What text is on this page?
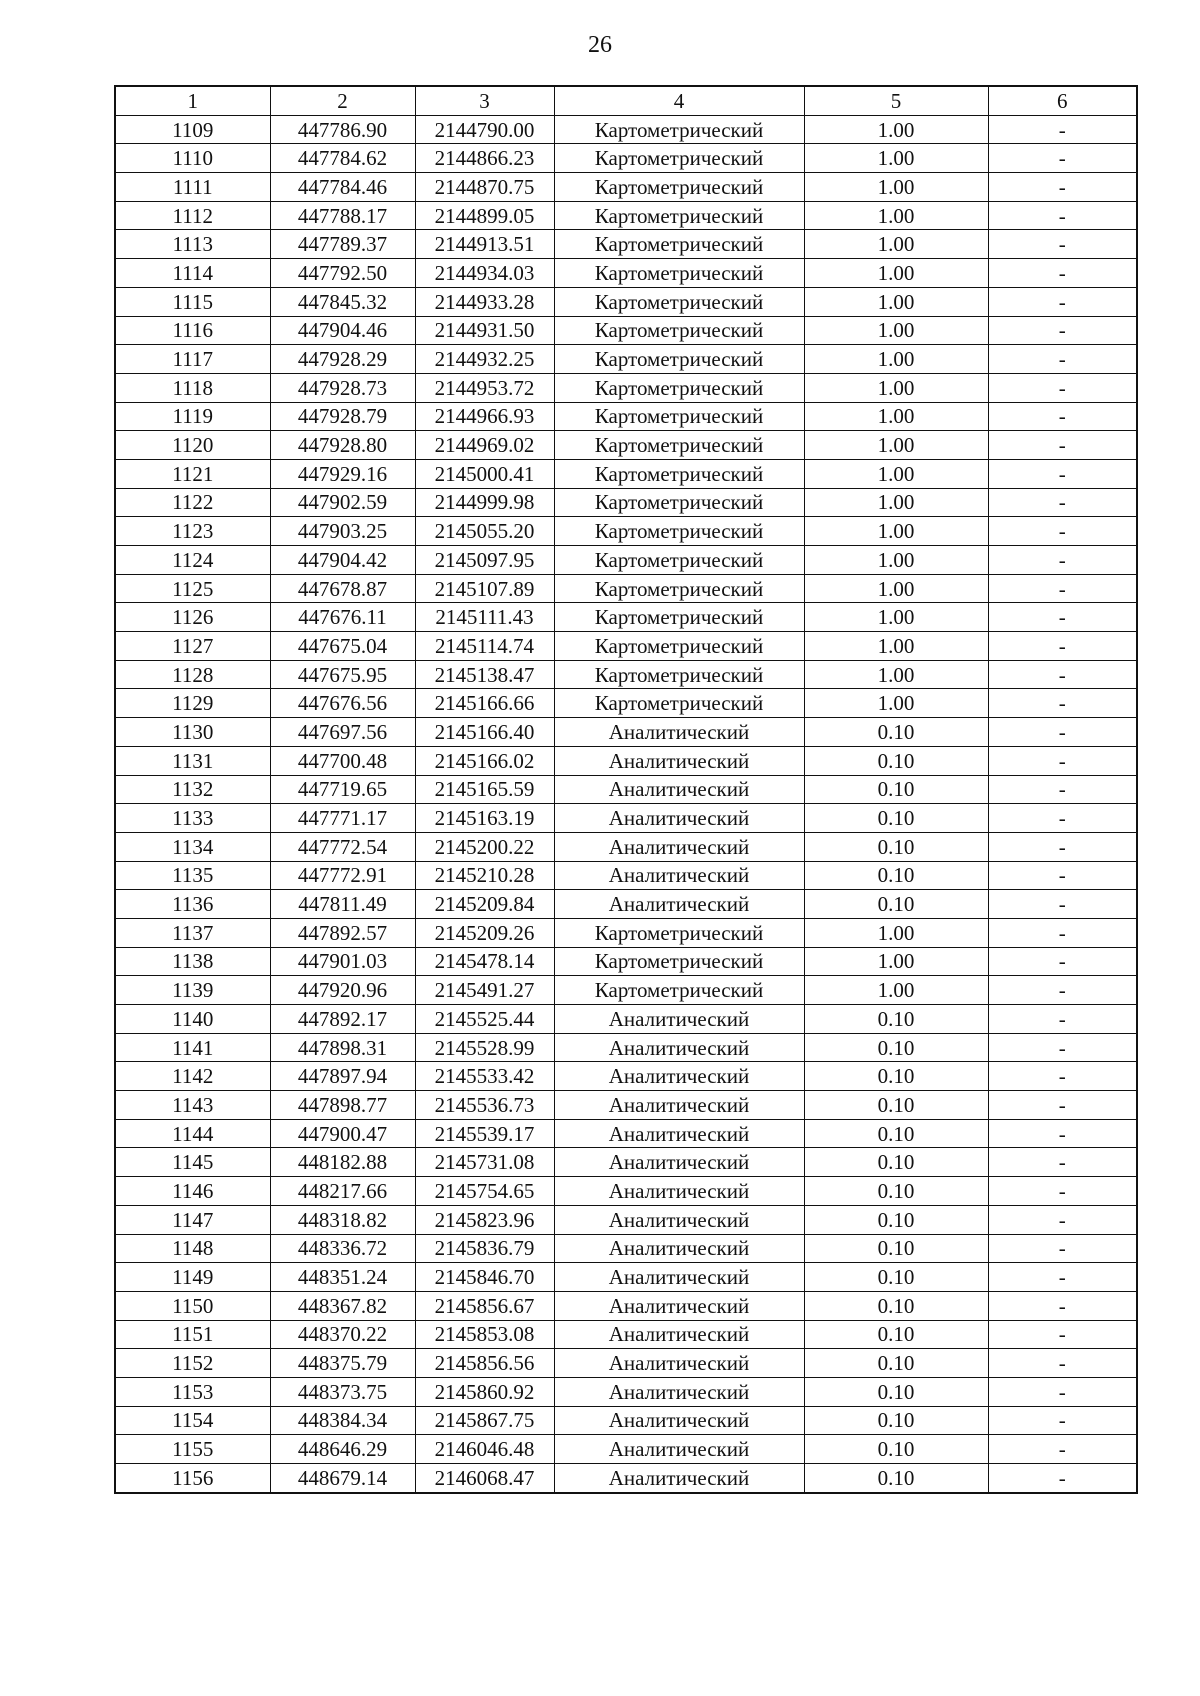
26
1	2	3	4	5	6
1109	447786.90	2144790.00	Картометрический	1.00	-
1110	447784.62	2144866.23	Картометрический	1.00	-
1111	447784.46	2144870.75	Картометрический	1.00	-
1112	447788.17	2144899.05	Картометрический	1.00	-
1113	447789.37	2144913.51	Картометрический	1.00	-
1114	447792.50	2144934.03	Картометрический	1.00	-
1115	447845.32	2144933.28	Картометрический	1.00	-
1116	447904.46	2144931.50	Картометрический	1.00	-
1117	447928.29	2144932.25	Картометрический	1.00	-
1118	447928.73	2144953.72	Картометрический	1.00	-
1119	447928.79	2144966.93	Картометрический	1.00	-
1120	447928.80	2144969.02	Картометрический	1.00	-
1121	447929.16	2145000.41	Картометрический	1.00	-
1122	447902.59	2144999.98	Картометрический	1.00	-
1123	447903.25	2145055.20	Картометрический	1.00	-
1124	447904.42	2145097.95	Картометрический	1.00	-
1125	447678.87	2145107.89	Картометрический	1.00	-
1126	447676.11	2145111.43	Картометрический	1.00	-
1127	447675.04	2145114.74	Картометрический	1.00	-
1128	447675.95	2145138.47	Картометрический	1.00	-
1129	447676.56	2145166.66	Картометрический	1.00	-
1130	447697.56	2145166.40	Аналитический	0.10	-
1131	447700.48	2145166.02	Аналитический	0.10	-
1132	447719.65	2145165.59	Аналитический	0.10	-
1133	447771.17	2145163.19	Аналитический	0.10	-
1134	447772.54	2145200.22	Аналитический	0.10	-
1135	447772.91	2145210.28	Аналитический	0.10	-
1136	447811.49	2145209.84	Аналитический	0.10	-
1137	447892.57	2145209.26	Картометрический	1.00	-
1138	447901.03	2145478.14	Картометрический	1.00	-
1139	447920.96	2145491.27	Картометрический	1.00	-
1140	447892.17	2145525.44	Аналитический	0.10	-
1141	447898.31	2145528.99	Аналитический	0.10	-
1142	447897.94	2145533.42	Аналитический	0.10	-
1143	447898.77	2145536.73	Аналитический	0.10	-
1144	447900.47	2145539.17	Аналитический	0.10	-
1145	448182.88	2145731.08	Аналитический	0.10	-
1146	448217.66	2145754.65	Аналитический	0.10	-
1147	448318.82	2145823.96	Аналитический	0.10	-
1148	448336.72	2145836.79	Аналитический	0.10	-
1149	448351.24	2145846.70	Аналитический	0.10	-
1150	448367.82	2145856.67	Аналитический	0.10	-
1151	448370.22	2145853.08	Аналитический	0.10	-
1152	448375.79	2145856.56	Аналитический	0.10	-
1153	448373.75	2145860.92	Аналитический	0.10	-
1154	448384.34	2145867.75	Аналитический	0.10	-
1155	448646.29	2146046.48	Аналитический	0.10	-
1156	448679.14	2146068.47	Аналитический	0.10	-
